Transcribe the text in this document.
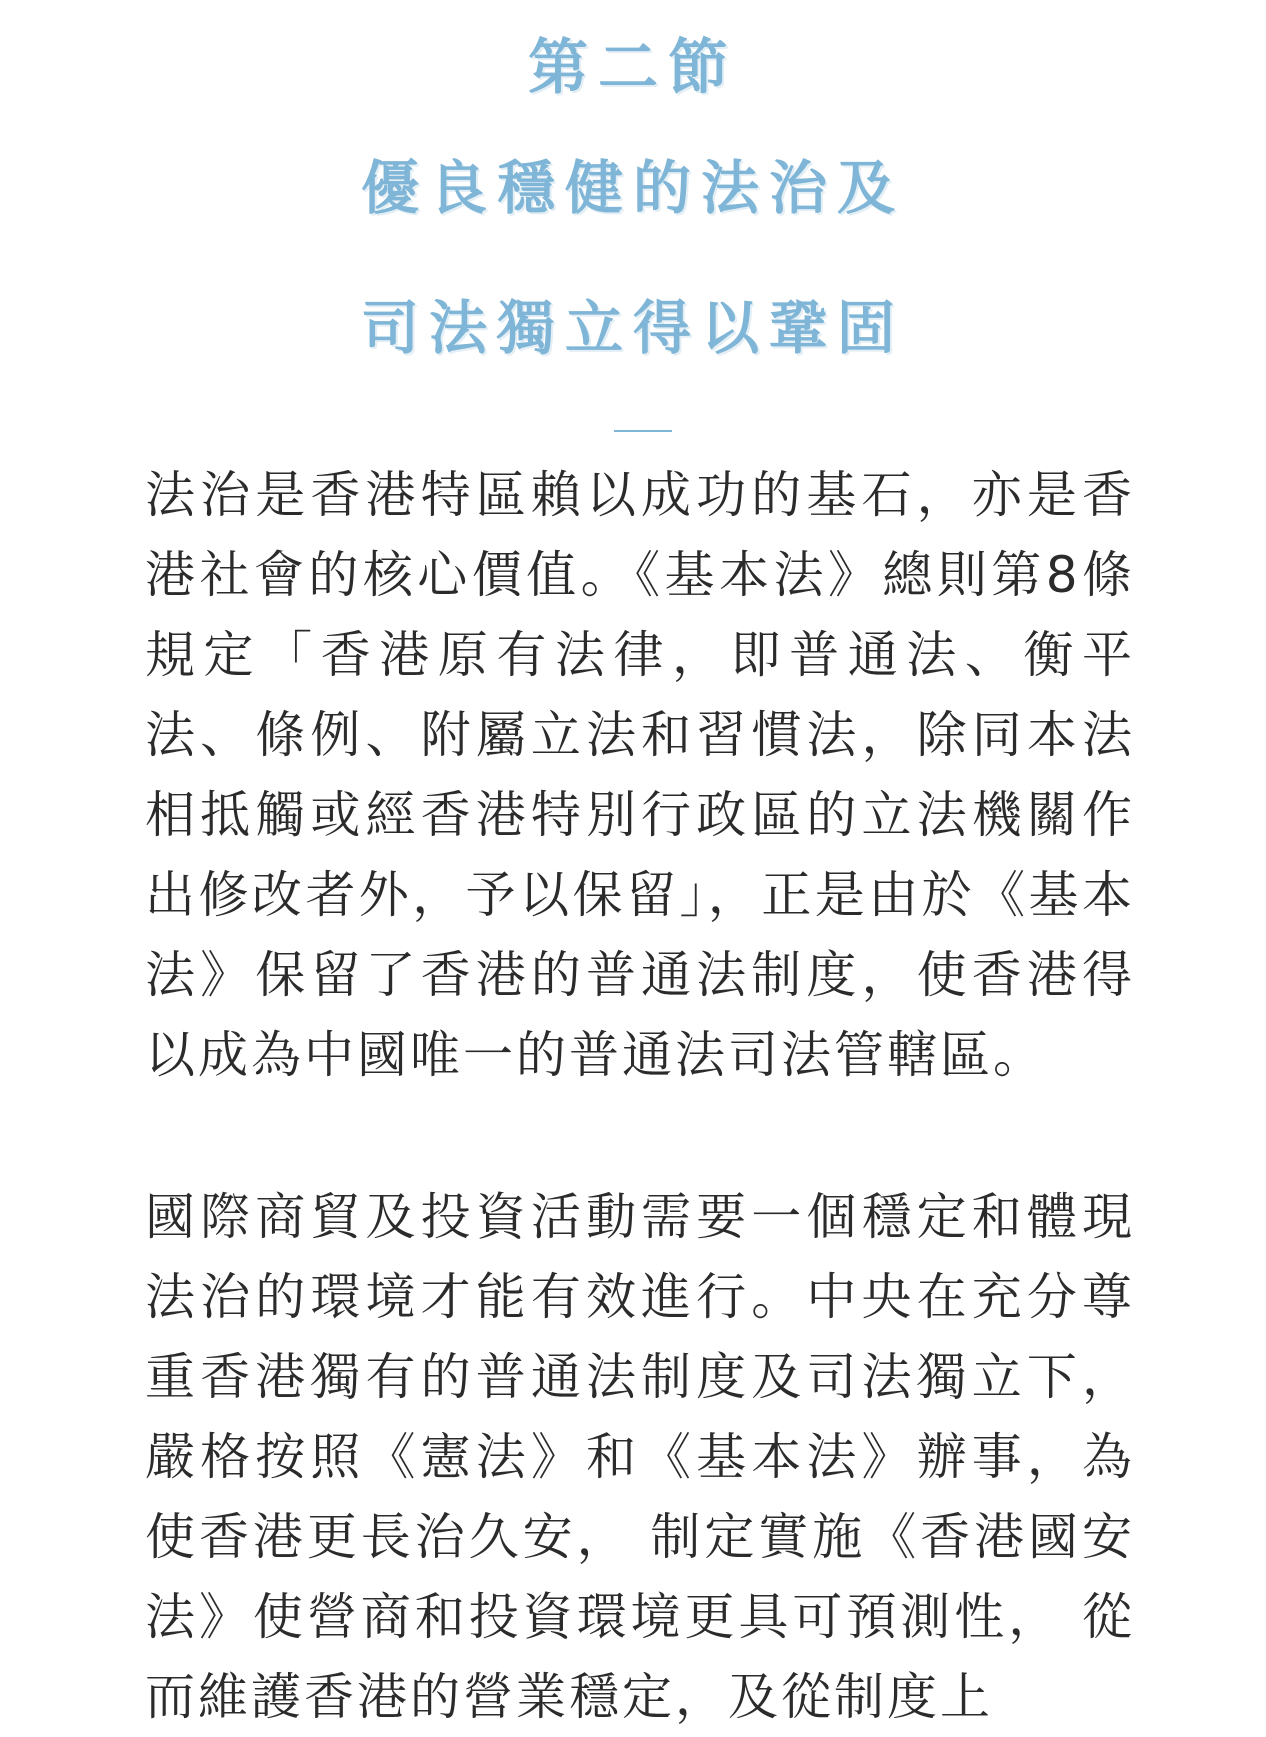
第二節
優良穩健的法治及
司法獨立得以鞏固

法治是香港特區賴以成功的基石，亦是香港社會的核心價值。《基本法》總則第8條規定「香港原有法律，即普通法、衡平法、條例、附屬立法和習慣法，除同本法相抵觸或經香港特別行政區的立法機關作出修改者外，予以保留」，正是由於《基本法》保留了香港的普通法制度，使香港得以成為中國唯一的普通法司法管轄區。

國際商貿及投資活動需要一個穩定和體現法治的環境才能有效進行。中央在充分尊重香港獨有的普通法制度及司法獨立下，嚴格按照《憲法》和《基本法》辦事，為使香港更長治久安， 制定實施《香港國安法》使營商和投資環境更具可預測性， 從而維護香港的營業穩定，及從制度上
